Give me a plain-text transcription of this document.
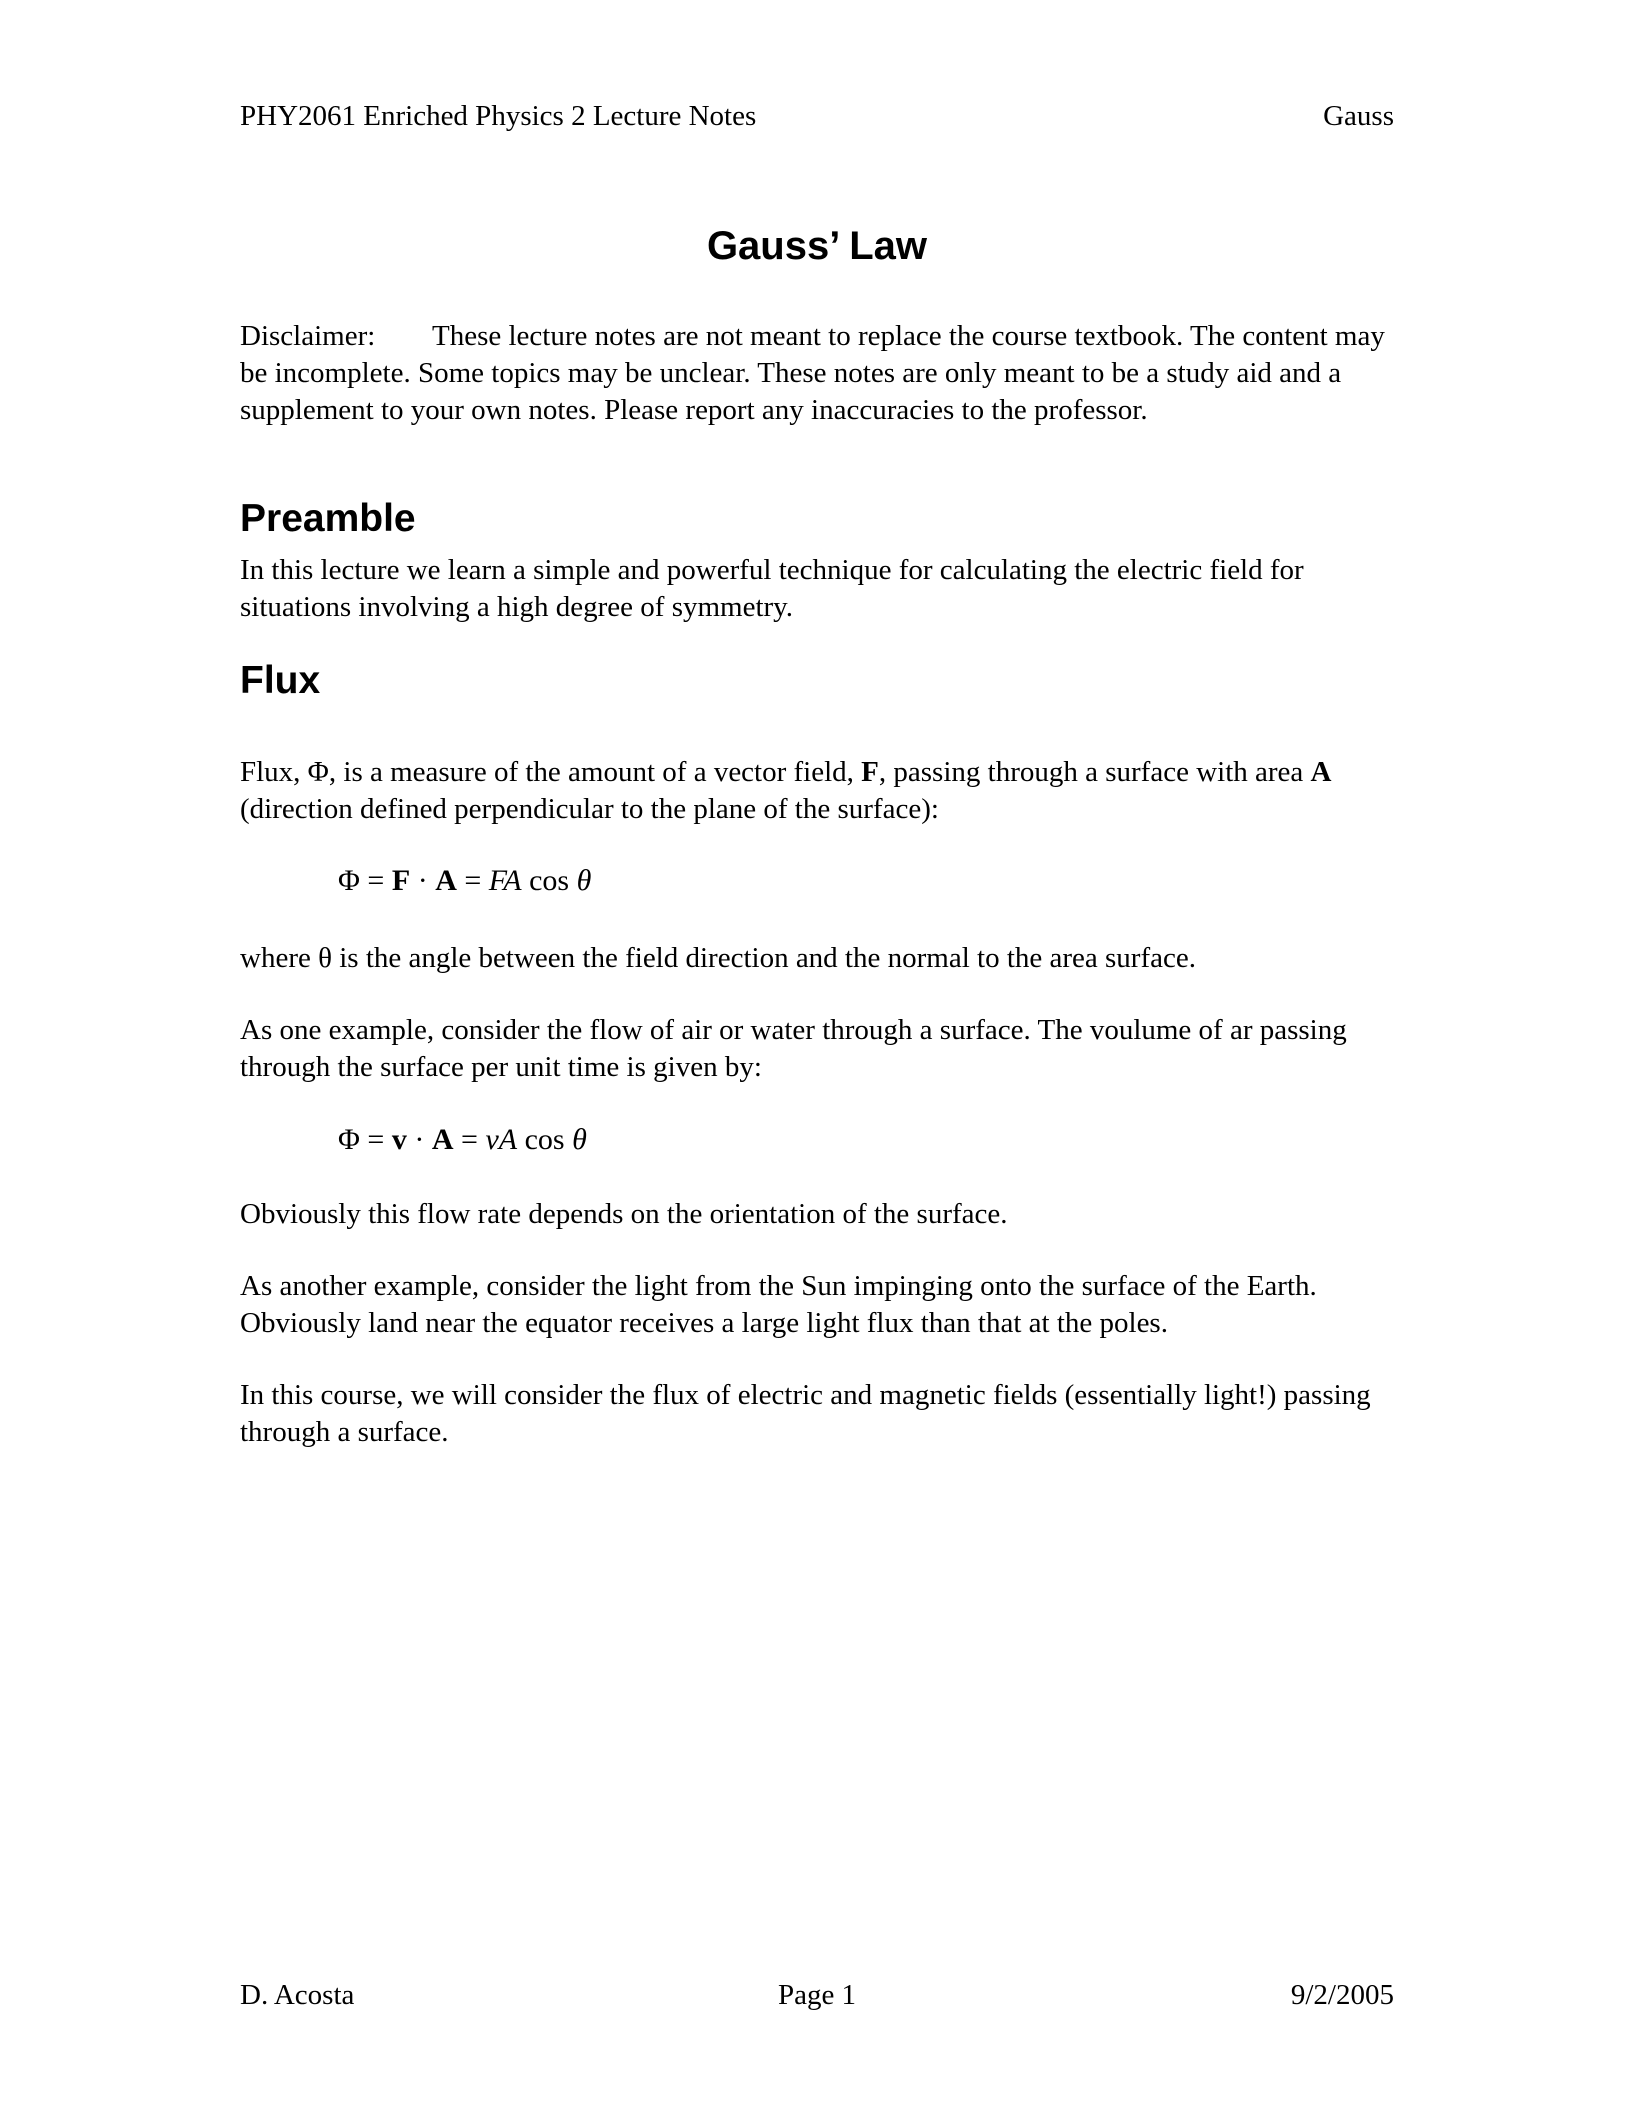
PHY2061 Enriched Physics 2 Lecture Notes	Gauss
Gauss’ Law

Disclaimer: These lecture notes are not meant to replace the course textbook. The content may be incomplete. Some topics may be unclear. These notes are only meant to be a study aid and a supplement to your own notes. Please report any inaccuracies to the professor.

Preamble

In this lecture we learn a simple and powerful technique for calculating the electric field for situations involving a high degree of symmetry.

Flux

Flux, Φ, is a measure of the amount of a vector field, F, passing through a surface with area A (direction defined perpendicular to the plane of the surface):

Φ = F · A = FA cos θ

where θ is the angle between the field direction and the normal to the area surface.

As one example, consider the flow of air or water through a surface. The voulume of ar passing through the surface per unit time is given by:

Φ = v · A = vA cos θ

Obviously this flow rate depends on the orientation of the surface.

As another example, consider the light from the Sun impinging onto the surface of the Earth. Obviously land near the equator receives a large light flux than that at the poles.

In this course, we will consider the flux of electric and magnetic fields (essentially light!) passing through a surface.

D. Acosta	Page 1	9/2/2005
